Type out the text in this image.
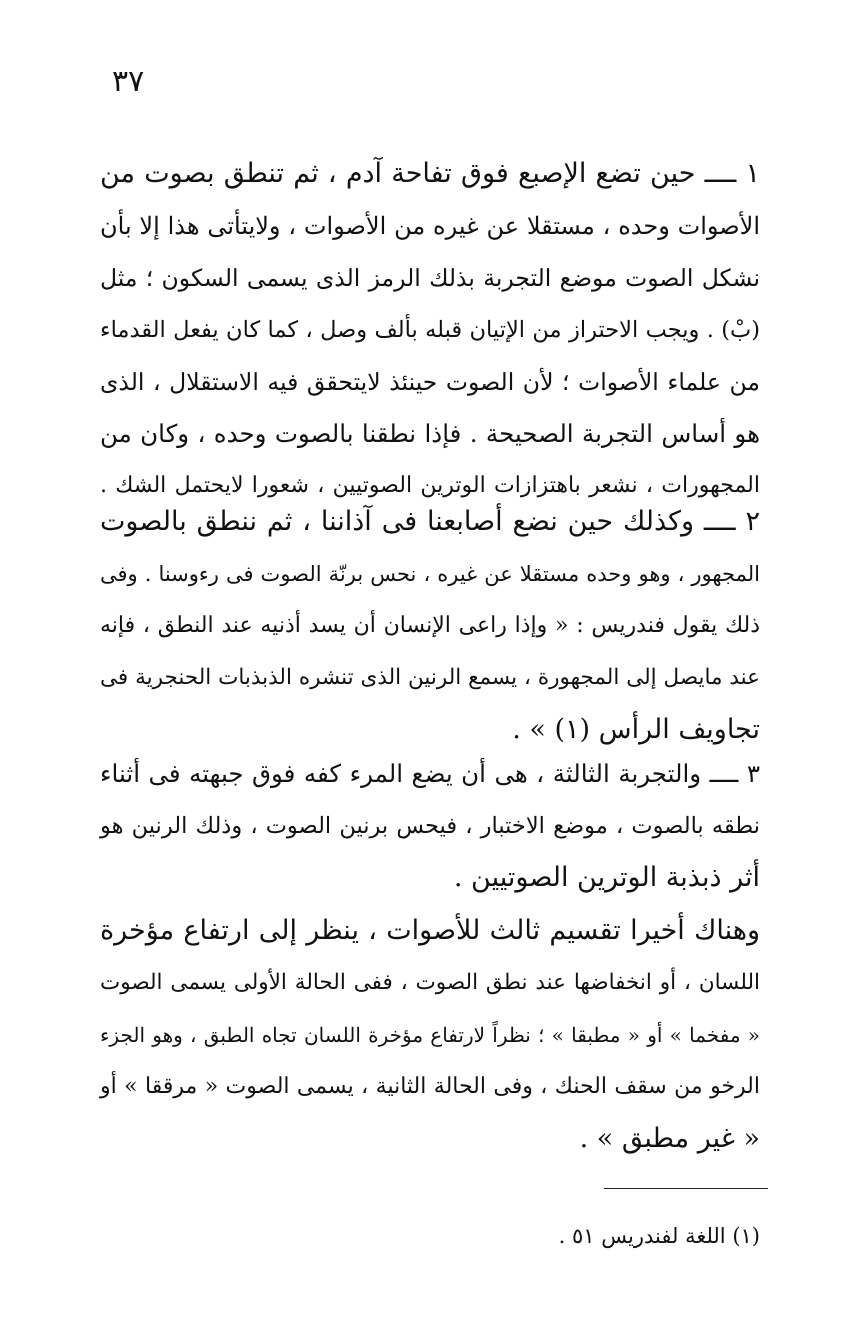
٣٧

١ ــــ حين تضع الإصبع فوق تفاحة آدم ، ثم تنطق بصوت من
الأصوات وحده ، مستقلا عن غيره من الأصوات ، ولايتأتى هذا إلا بأن
نشكل الصوت موضع التجربة بذلك الرمز الذى يسمى السكون ؛ مثل
(بْ) . ويجب الاحتراز من الإتيان قبله بألف وصل ، كما كان يفعل القدماء
من علماء الأصوات ؛ لأن الصوت حينئذ لايتحقق فيه الاستقلال ، الذى
هو أساس التجربة الصحيحة . فإذا نطقنا بالصوت وحده ، وكان من
المجهورات ، نشعر باهتزازات الوترين الصوتيين ، شعورا لايحتمل الشك .

٢ ــــ وكذلك حين نضع أصابعنا فى آذاننا ، ثم ننطق بالصوت
المجهور ، وهو وحده مستقلا عن غيره ، نحس برنّة الصوت فى رءوسنا . وفى
ذلك يقول فندريس : « وإذا راعى الإنسان أن يسد أذنيه عند النطق ، فإنه
عند مايصل إلى المجهورة ، يسمع الرنين الذى تنشره الذبذبات الحنجرية فى
تجاويف الرأس (١) » .

٣ ــــ والتجربة الثالثة ، هى أن يضع المرء كفه فوق جبهته فى أثناء
نطقه بالصوت ، موضع الاختبار ، فيحس برنين الصوت ، وذلك الرنين هو
أثر ذبذبة الوترين الصوتيين .

وهناك أخيرا تقسيم ثالث للأصوات ، ينظر إلى ارتفاع مؤخرة
اللسان ، أو انخفاضها عند نطق الصوت ، ففى الحالة الأولى يسمى الصوت
« مفخما » أو « مطبقا » ؛ نظراً لارتفاع مؤخرة اللسان تجاه الطبق ، وهو الجزء
الرخو من سقف الحنك ، وفى الحالة الثانية ، يسمى الصوت « مرققا » أو
« غير مطبق » .

(١) اللغة لفندريس ٥١ .
